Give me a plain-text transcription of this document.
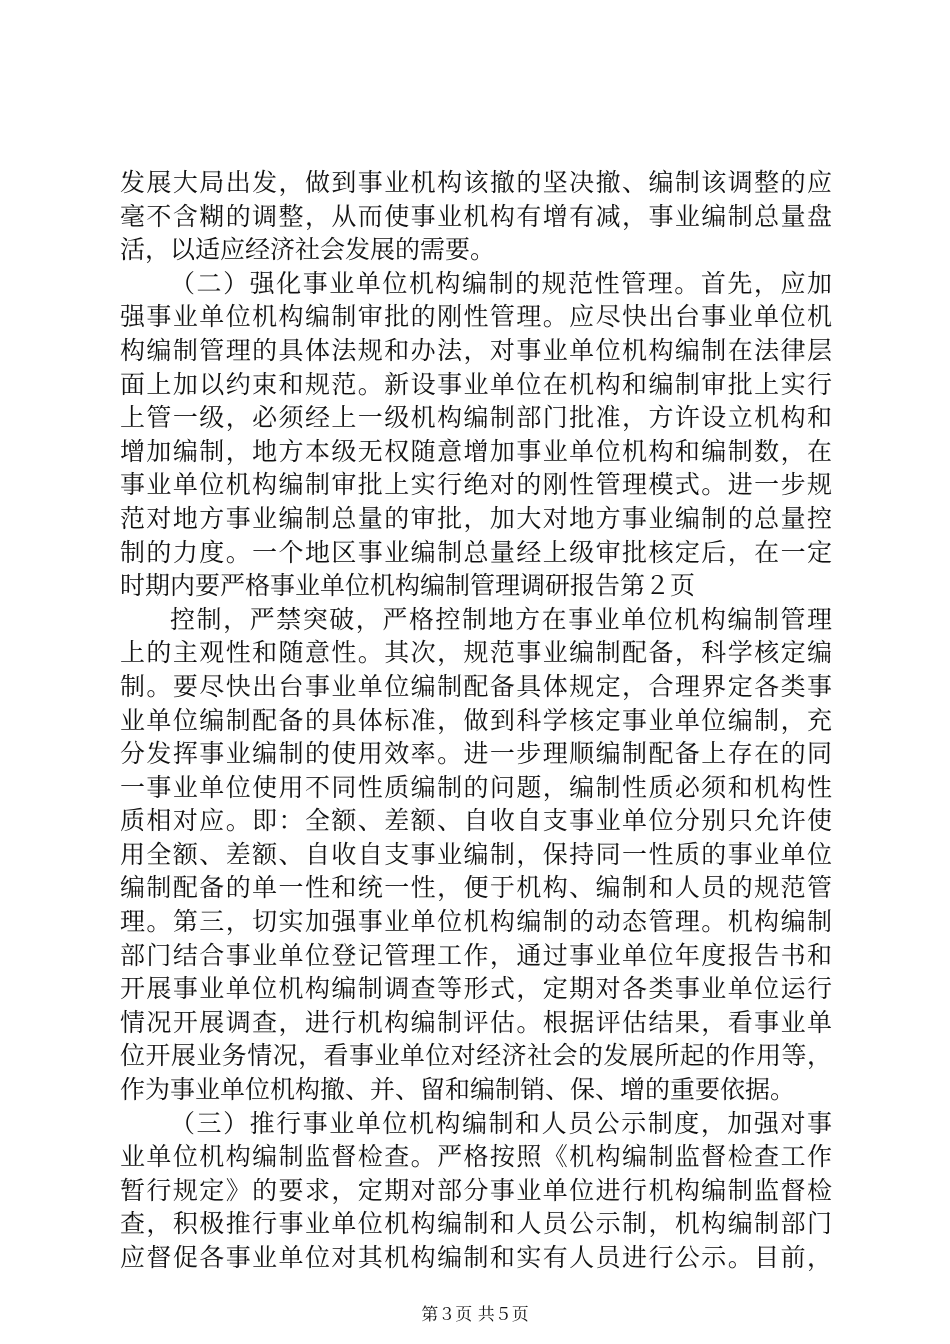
发展大局出发，做到事业机构该撤的坚决撤、编制该调整的应
毫不含糊的调整，从而使事业机构有增有减，事业编制总量盘
活，以适应经济社会发展的需要。
（二）强化事业单位机构编制的规范性管理。首先，应加
强事业单位机构编制审批的刚性管理。应尽快出台事业单位机
构编制管理的具体法规和办法，对事业单位机构编制在法律层
面上加以约束和规范。新设事业单位在机构和编制审批上实行
上管一级，必须经上一级机构编制部门批准，方许设立机构和
增加编制，地方本级无权随意增加事业单位机构和编制数，在
事业单位机构编制审批上实行绝对的刚性管理模式。进一步规
范对地方事业编制总量的审批，加大对地方事业编制的总量控
制的力度。一个地区事业编制总量经上级审批核定后，在一定
时期内要严格事业单位机构编制管理调研报告第２页
控制，严禁突破，严格控制地方在事业单位机构编制管理
上的主观性和随意性。其次，规范事业编制配备，科学核定编
制。要尽快出台事业单位编制配备具体规定，合理界定各类事
业单位编制配备的具体标准，做到科学核定事业单位编制，充
分发挥事业编制的使用效率。进一步理顺编制配备上存在的同
一事业单位使用不同性质编制的问题，编制性质必须和机构性
质相对应。即：全额、差额、自收自支事业单位分别只允许使
用全额、差额、自收自支事业编制，保持同一性质的事业单位
编制配备的单一性和统一性，便于机构、编制和人员的规范管
理。第三，切实加强事业单位机构编制的动态管理。机构编制
部门结合事业单位登记管理工作，通过事业单位年度报告书和
开展事业单位机构编制调查等形式，定期对各类事业单位运行
情况开展调查，进行机构编制评估。根据评估结果，看事业单
位开展业务情况，看事业单位对经济社会的发展所起的作用等，
作为事业单位机构撤、并、留和编制销、保、增的重要依据。
（三）推行事业单位机构编制和人员公示制度，加强对事
业单位机构编制监督检查。严格按照《机构编制监督检查工作
暂行规定》的要求，定期对部分事业单位进行机构编制监督检
查，积极推行事业单位机构编制和人员公示制，机构编制部门
应督促各事业单位对其机构编制和实有人员进行公示。目前，
第３页 共５页
